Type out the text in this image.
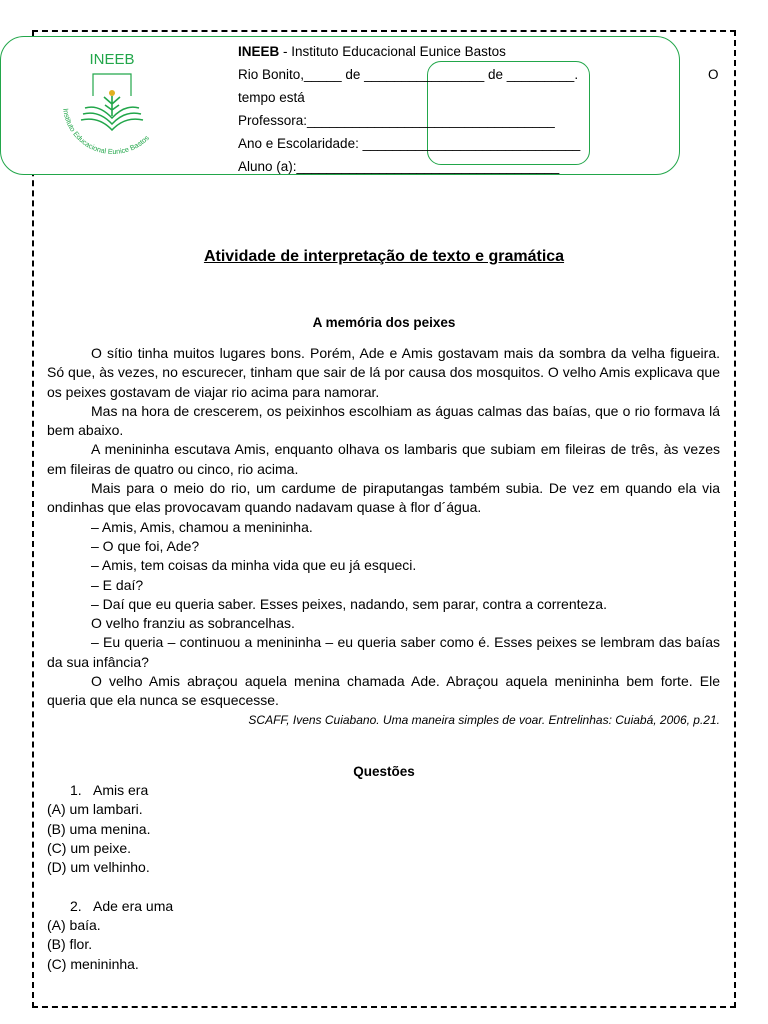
INEEB
Instituto Educacional Eunice Bastos
INEEB - Instituto Educacional Eunice Bastos
Rio Bonito,_____ de ________________ de _________.	O
tempo está
Professora:_________________________________
Ano e Escolaridade: _____________________________
Aluno (a):___________________________________
Atividade de interpretação de texto e gramática
A memória dos peixes

O sítio tinha muitos lugares bons. Porém, Ade e Amis gostavam mais da sombra da velha figueira. Só que, às vezes, no escurecer, tinham que sair de lá por causa dos mosquitos. O velho Amis explicava que os peixes gostavam de viajar rio acima para namorar.

Mas na hora de crescerem, os peixinhos escolhiam as águas calmas das baías, que o rio formava lá bem abaixo.

A menininha escutava Amis, enquanto olhava os lambaris que subiam em fileiras de três, às vezes em fileiras de quatro ou cinco, rio acima.

Mais para o meio do rio, um cardume de piraputangas também subia. De vez em quando ela via ondinhas que elas provocavam quando nadavam quase à flor d´água.

– Amis, Amis, chamou a menininha.

– O que foi, Ade?

– Amis, tem coisas da minha vida que eu já esqueci.

– E daí?

– Daí que eu queria saber. Esses peixes, nadando, sem parar, contra a correnteza.

O velho franziu as sobrancelhas.

– Eu queria – continuou a menininha – eu queria saber como é. Esses peixes se lembram das baías da sua infância?

O velho Amis abraçou aquela menina chamada Ade. Abraçou aquela menininha bem forte. Ele queria que ela nunca se esquecesse.

SCAFF, Ivens Cuiabano. Uma maneira simples de voar. Entrelinhas: Cuiabá, 2006, p.21.

Questões

1. Amis era

(A) um lambari.

(B) uma menina.

(C) um peixe.

(D) um velhinho.

2. Ade era uma

(A) baía.

(B) flor.

(C) menininha.
